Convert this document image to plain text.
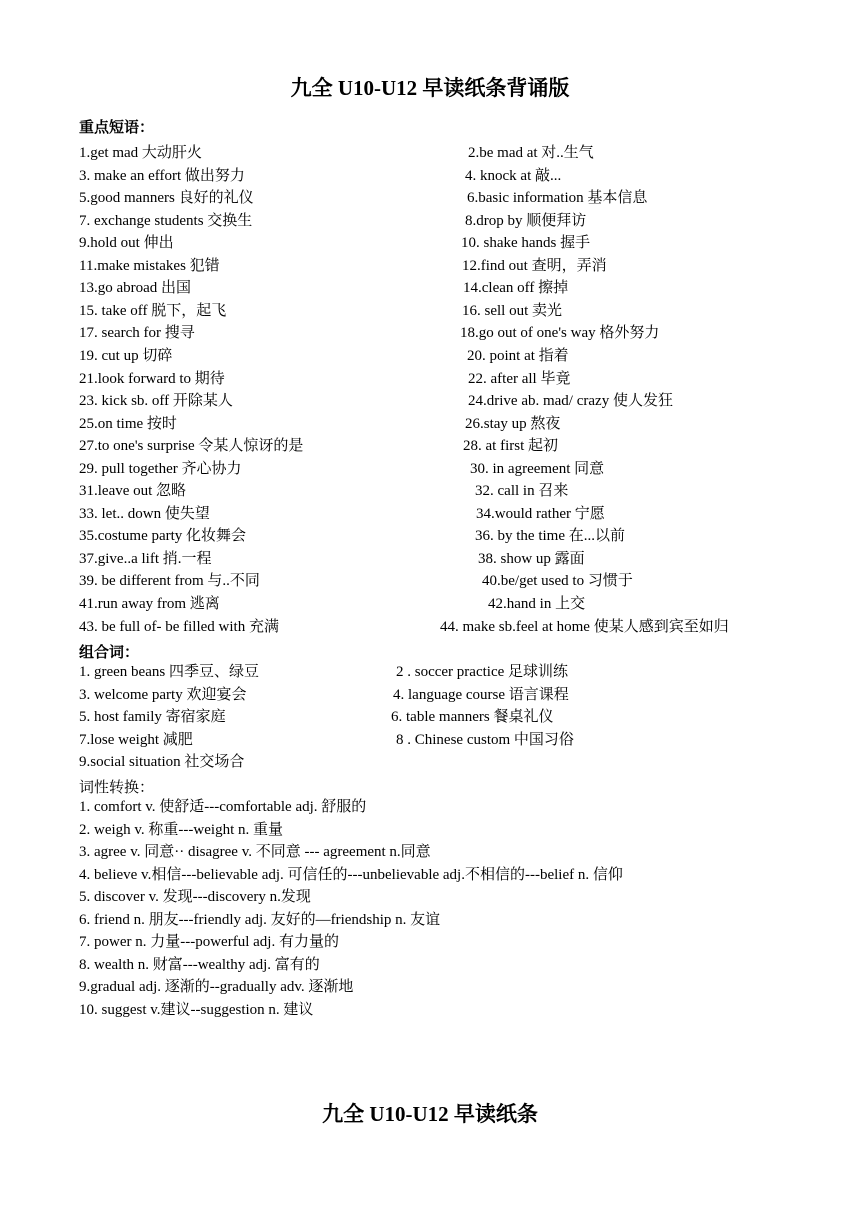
九全 U10-U12 早读纸条背诵版
重点短语：
1.get mad 大动肝火	2.be mad at 对..生气
3. make an effort 做出努力	4. knock at 敲...
5.good manners 良好的礼仪	6.basic information 基本信息
7. exchange students 交换生	8.drop by 顺便拜访
9.hold out 伸出	10. shake hands 握手
11.make mistakes 犯错	12.find out 查明，弄消
13.go abroad 出国	14.clean off 擦掉
15. take off 脱下，起飞	16. sell out 卖光
17. search for 搜寻	18.go out of one's way 格外努力
19. cut up 切碎	20. point at 指着
21.look forward to 期待	22. after all 毕竟
23. kick sb. off 开除某人	24.drive ab. mad/ crazy 使人发狂
25.on time 按时	26.stay up 熬夜
27.to one's surprise 令某人惊讶的是	28. at first 起初
29. pull together 齐心协力	30. in agreement 同意
31.leave out 忽略	32. call in 召来
33. let.. down 使失望	34.would rather 宁愿
35.costume party 化妆舞会	36. by the time 在...以前
37.give..a lift 捎.一程	38. show up 露面
39. be different from 与..不同	40.be/get used to 习惯于
41.run away from 逃离	42.hand in 上交
43. be full of- be filled with 充满	44. make sb.feel at home 使某人感到宾至如归
组合词：
1. green beans 四季豆、绿豆	2 . soccer practice 足球训练
3. welcome party 欢迎宴会	4. language course 语言课程
5. host family 寄宿家庭	6. table manners 餐桌礼仪
7.lose weight 减肥	8 . Chinese custom 中国习俗
9.social situation 社交场合
词性转换：
1. comfort v. 使舒适---comfortable adj. 舒服的
2. weigh v. 称重---weight n. 重量
3. agree v. 同意·· disagree v. 不同意 --- agreement n.同意
4. believe v.相信---believable adj. 可信任的---unbelievable adj.不相信的---belief n. 信仰
5. discover v. 发现---discovery n.发现
6. friend n. 朋友---friendly adj. 友好的—friendship n. 友谊
7. power n. 力量---powerful adj. 有力量的
8. wealth n. 财富---wealthy adj. 富有的
9.gradual adj. 逐渐的--gradually adv. 逐渐地
10. suggest v.建议--suggestion n. 建议
九全 U10-U12 早读纸条
